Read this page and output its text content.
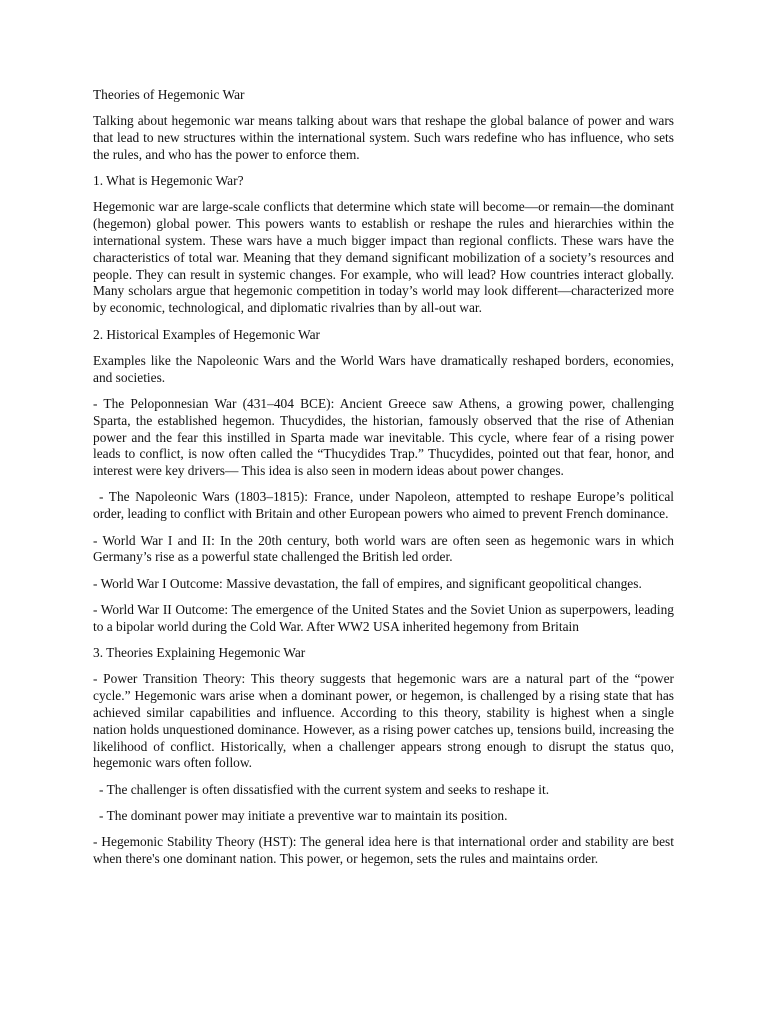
Theories of Hegemonic War

Talking about hegemonic war means talking about wars that reshape the global balance of power and wars that lead to new structures within the international system. Such wars redefine who has influence, who sets the rules, and who has the power to enforce them.

1. What is Hegemonic War?

Hegemonic war are large-scale conflicts that determine which state will become—or remain—the dominant (hegemon) global power. This powers wants to establish or reshape the rules and hierarchies within the international system. These wars have a much bigger impact than regional conflicts. These wars have the characteristics of total war. Meaning that they demand significant mobilization of a society’s resources and people. They can result in systemic changes. For example, who will lead? How countries interact globally. Many scholars argue that hegemonic competition in today’s world may look different—characterized more by economic, technological, and diplomatic rivalries than by all-out war.

2. Historical Examples of Hegemonic War

Examples like the Napoleonic Wars and the World Wars have dramatically reshaped borders, economies, and societies.

- The Peloponnesian War (431–404 BCE): Ancient Greece saw Athens, a growing power, challenging Sparta, the established hegemon. Thucydides, the historian, famously observed that the rise of Athenian power and the fear this instilled in Sparta made war inevitable. This cycle, where fear of a rising power leads to conflict, is now often called the “Thucydides Trap.” Thucydides, pointed out that fear, honor, and interest were key drivers— This idea is also seen in modern ideas about power changes.

- The Napoleonic Wars (1803–1815): France, under Napoleon, attempted to reshape Europe’s political order, leading to conflict with Britain and other European powers who aimed to prevent French dominance.

- World War I and II: In the 20th century, both world wars are often seen as hegemonic wars in which Germany’s rise as a powerful state challenged the British led order.

- World War I Outcome: Massive devastation, the fall of empires, and significant geopolitical changes.

- World War II Outcome: The emergence of the United States and the Soviet Union as superpowers, leading to a bipolar world during the Cold War. After WW2 USA inherited hegemony from Britain

3. Theories Explaining Hegemonic War

- Power Transition Theory: This theory suggests that hegemonic wars are a natural part of the “power cycle.” Hegemonic wars arise when a dominant power, or hegemon, is challenged by a rising state that has achieved similar capabilities and influence. According to this theory, stability is highest when a single nation holds unquestioned dominance. However, as a rising power catches up, tensions build, increasing the likelihood of conflict. Historically, when a challenger appears strong enough to disrupt the status quo, hegemonic wars often follow.

- The challenger is often dissatisfied with the current system and seeks to reshape it.

- The dominant power may initiate a preventive war to maintain its position.

- Hegemonic Stability Theory (HST): The general idea here is that international order and stability are best when there's one dominant nation. This power, or hegemon, sets the rules and maintains order.
